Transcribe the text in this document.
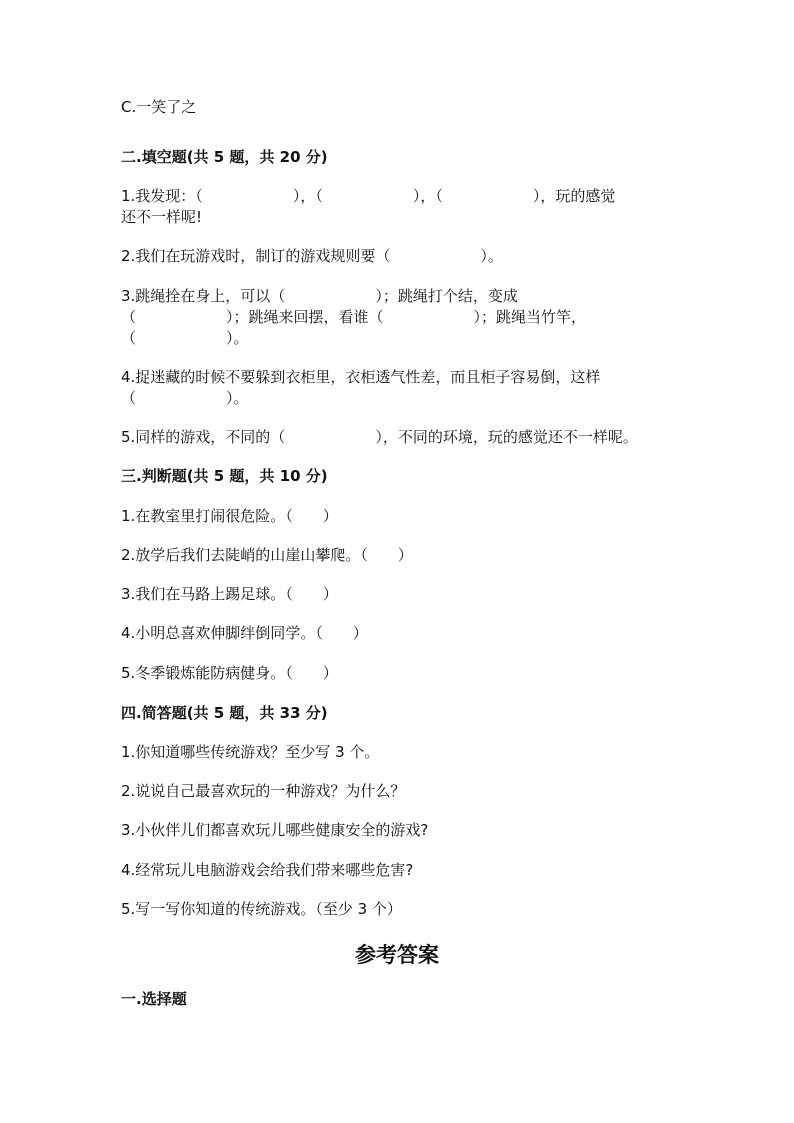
C.一笑了之
二.填空题(共 5 题，共 20 分)
1.我发现：（　　　　　　），（　　　　　　），（　　　　　　），玩的感觉
还不一样呢!
2.我们在玩游戏时，制订的游戏规则要（　　　　　　）。
3.跳绳拴在身上，可以（　　　　　　）；跳绳打个结，变成
（　　　　　　）；跳绳来回摆，看谁（　　　　　　）；跳绳当竹竿，
（　　　　　　）。
4.捉迷藏的时候不要躲到衣柜里，衣柜透气性差，而且柜子容易倒，这样
（　　　　　　）。
5.同样的游戏，不同的（　　　　　　），不同的环境，玩的感觉还不一样呢。
三.判断题(共 5 题，共 10 分)
1.在教室里打闹很危险。（　　）
2.放学后我们去陡峭的山崖山攀爬。（　　）
3.我们在马路上踢足球。（　　）
4.小明总喜欢伸脚绊倒同学。（　　）
5.冬季锻炼能防病健身。（　　）
四.简答题(共 5 题，共 33 分)
1.你知道哪些传统游戏？至少写 3 个。
2.说说自己最喜欢玩的一种游戏？为什么？
3.小伙伴儿们都喜欢玩儿哪些健康安全的游戏?
4.经常玩儿电脑游戏会给我们带来哪些危害?
5.写一写你知道的传统游戏。（至少 3 个）
参考答案
一.选择题
